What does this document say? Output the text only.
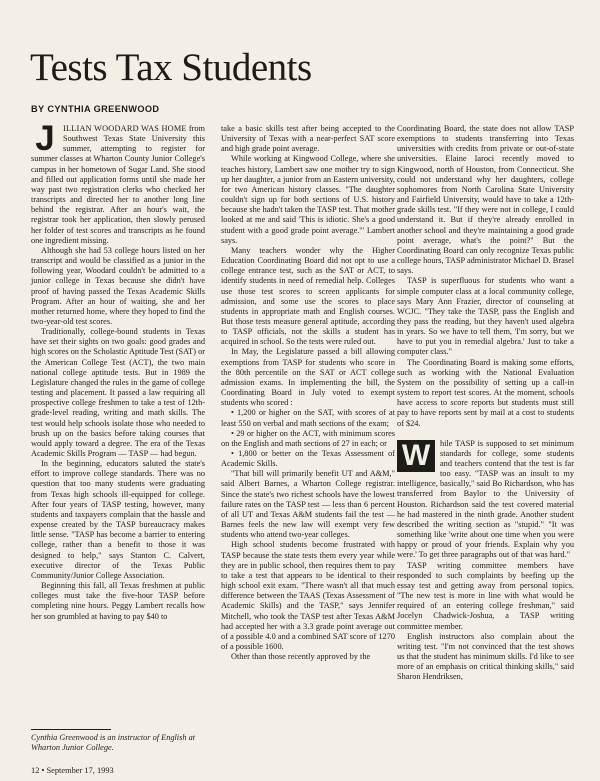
Tests Tax Students
BY CYNTHIA GREENWOOD

JILLIAN WOODARD WAS HOME from Southwest Texas State University this summer, attempting to register for summer classes at Wharton County Junior College's campus in her hometown of Sugar Land. She stood and filled out application forms until she made her way past two registration clerks who checked her transcripts and directed her to another long line behind the registrar. After an hour's wait, the registrar took her application, then slowly perused her folder of test scores and transcripts as he found one ingredient missing.

Although she had 53 college hours listed on her transcript and would be classified as a junior in the following year, Woodard couldn't be admitted to a junior college in Texas because she didn't have proof of having passed the Texas Academic Skills Program. After an hour of waiting, she and her mother returned home, where they hoped to find the two-year-old test scores.

Traditionally, college-bound students in Texas have set their sights on two goals: good grades and high scores on the Scholastic Aptitude Test (SAT) or the American College Test (ACT), the two main national college aptitude tests. But in 1989 the Legislature changed the rules in the game of college testing and placement. It passed a law requiring all prospective college freshmen to take a test of 12th-grade-level reading, writing and math skills. The test would help schools isolate those who needed to brush up on the basics before taking courses that would apply toward a degree. The era of the Texas Academic Skills Program — TASP — had begun.

In the beginning, educators saluted the state's effort to improve college standards. There was no question that too many students were graduating from Texas high schools ill-equipped for college. After four years of TASP testing, however, many students and taxpayers complain that the hassle and expense created by the TASP bureaucracy makes little sense. "TASP has become a barrier to entering college, rather than a benefit to those it was designed to help," says Stanton C. Calvert, executive director of the Texas Public Community/Junior College Association.

Beginning this fall, all Texas freshmen at public colleges must take the five-hour TASP before completing nine hours. Peggy Lambert recalls how her son grumbled at having to pay $40 to

take a basic skills test after being accepted to the University of Texas with a near-perfect SAT score and high grade point average.

While working at Kingwood College, where she teaches history, Lambert saw one mother try to sign up her daughter, a junior from an Eastern university, for two American history classes. "The daughter couldn't sign up for both sections of U.S. history because she hadn't taken the TASP test. That mother looked at me and said 'This is idiotic. She's a good student with a good grade point average.'" Lambert says.

Many teachers wonder why the Higher Education Coordinating Board did not opt to use a college entrance test, such as the SAT or ACT, to identify students in need of remedial help. Colleges use those test scores to screen applicants for admission, and some use the scores to place students in appropriate math and English courses. But those tests measure general aptitude, according to TASP officials, not the skills a student has acquired in school. So the tests were ruled out.

In May, the Legislature passed a bill allowing exemptions from TASP for students who score in the 80th percentile on the SAT or ACT college admission exams. In implementing the bill, the Coordinating Board in July voted to exempt students who scored :

• 1,200 or higher on the SAT, with scores of at least 550 on verbal and math sections of the exam;

• 29 or higher on the ACT, with minimum scores on the English and math sections of 27 in each; or

• 1,800 or better on the Texas Assessment of Academic Skills.

"That bill will primarily benefit UT and A&M," said Albert Barnes, a Wharton College registrar. Since the state's two richest schools have the lowest failure rates on the TASP test — less than 6 percent of all UT and Texas A&M students fail the test — Barnes feels the new law will exempt very few students who attend two-year colleges.

High school students become frustrated with TASP because the state tests them every year while they are in public school, then requires them to pay to take a test that appears to be identical to their high school exit exam. "There wasn't all that much difference between the TAAS (Texas Assessment of Academic Skills) and the TASP," says Jennifer Mitchell, who took the TASP test after Texas A&M had accepted her with a 3.3 grade point average out of a possible 4.0 and a combined SAT score of 1270 of a possible 1600.

Other than those recently approved by the

Coordinating Board, the state does not allow TASP exemptions to students transferring into Texas universities with credits from private or out-of-state universities. Elaine Iaroci recently moved to Kingwood, north of Houston, from Connecticut. She could not understand why her daughters, college sophomores from North Carolina State University and Fairfield University, would have to take a 12th-grade skills test. "If they were not in college, I could understand it. But if they're already enrolled in another school and they're maintaining a good grade point average, what's the point?" But the Coordinating Board can only recognize Texas public college hours, TASP administrator Michael D. Brasel says.

TASP is superfluous for students who want a simple computer class at a local community college, says Mary Ann Frazier, director of counseling at WCJC. "They take the TASP, pass the English and they pass the reading, but they haven't used algebra in years. So we have to tell them, 'I'm sorry, but we have to put you in remedial algebra.' Just to take a computer class."

The Coordinating Board is making some efforts, such as working with the National Evaluation System on the possibility of setting up a call-in system to report test scores. At the moment, schools have access to score reports but students must still pay to have reports sent by mail at a cost to students of $24.

W	hile TASP is supposed to set minimum standards for college, some students and teachers contend that the test is far too easy. "TASP was an insult to my intelligence, basically," said Bo Richardson, who has transferred from Baylor to the University of Houston. Richardson said the test covered material he had mastered in the ninth grade. Another student described the writing section as "stupid." "It was something like 'write about one time when you were happy or proud of your friends. Explain why you were.' To get three paragraphs out of that was hard."

TASP writing committee members have responded to such complaints by beefing up the essay test and getting away from personal topics. "The new test is more in line with what would be required of an entering college freshman," said Jocelyn Chadwick-Joshua, a TASP writing committee member.

English instructors also complain about the writing test. "I'm not convinced that the test shows us that the student has minimum skills. I'd like to see more of an emphasis on critical thinking skills," said Sharon Hendriksen,

Cynthia Greenwood is an instructor of English at Wharton Junior College.
12 • September 17, 1993
